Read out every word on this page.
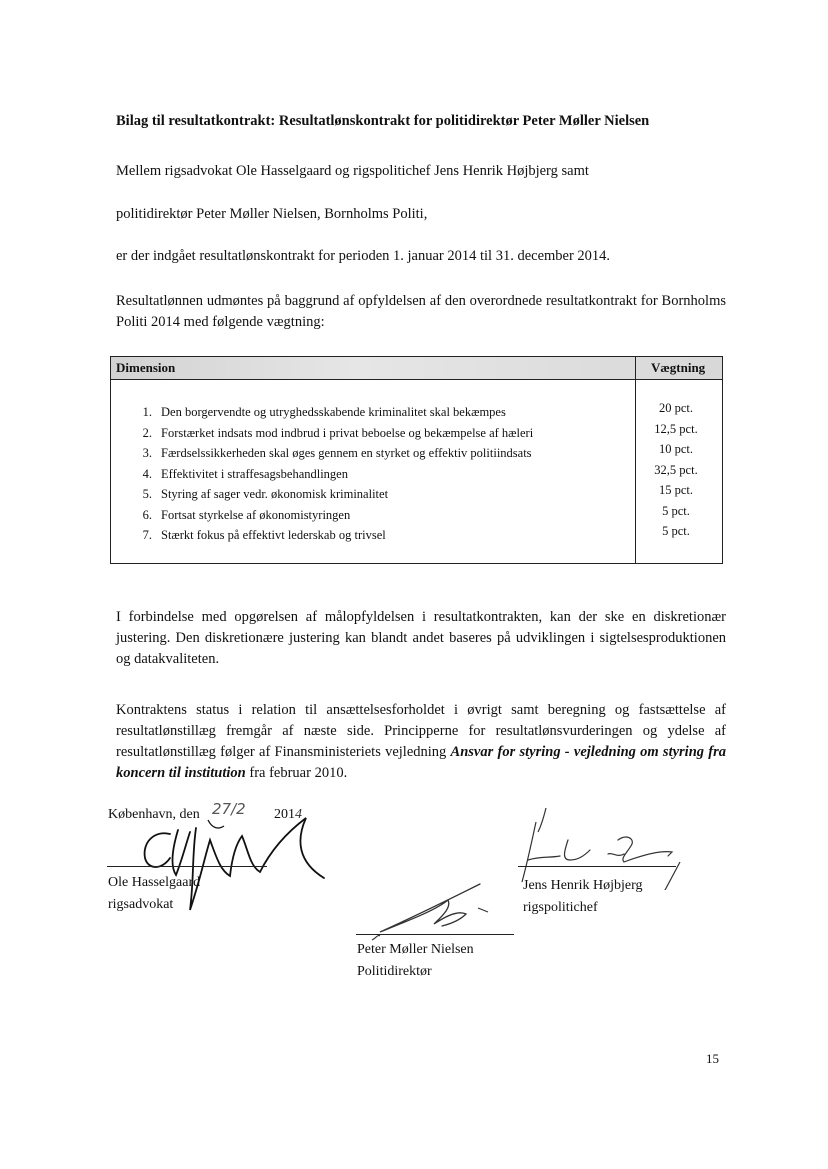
Bilag til resultatkontrakt: Resultatlønskontrakt for politidirektør Peter Møller Nielsen
Mellem rigsadvokat Ole Hasselgaard og rigspolitichef Jens Henrik Højbjerg samt
politidirektør Peter Møller Nielsen, Bornholms Politi,
er der indgået resultatlønskontrakt for perioden 1. januar 2014 til 31. december 2014.
Resultatlønnen udmøntes på baggrund af opfyldelsen af den overordnede resultatkontrakt for Bornholms Politi 2014 med følgende vægtning:
Dimension	Vægtning
1. Den borgervendte og utryghedsskabende kriminalitet skal bekæmpes	20 pct.
2. Forstærket indsats mod indbrud i privat beboelse og bekæmpelse af hæleri	12,5 pct.
3. Færdselssikkerheden skal øges gennem en styrket og effektiv politiindsats	10 pct.
4. Effektivitet i straffesagsbehandlingen	32,5 pct.
5. Styring af sager vedr. økonomisk kriminalitet	15 pct.
6. Fortsat styrkelse af økonomistyringen	5 pct.
7. Stærkt fokus på effektivt lederskab og trivsel	5 pct.
I forbindelse med opgørelsen af målopfyldelsen i resultatkontrakten, kan der ske en diskretionær justering. Den diskretionære justering kan blandt andet baseres på udviklingen i sigtelsesproduktionen og datakvaliteten.
Kontraktens status i relation til ansættelsesforholdet i øvrigt samt beregning og fastsættelse af resultatlønstillæg fremgår af næste side. Principperne for resultatlønsvurderingen og ydelse af resultatlønstillæg følger af Finansministeriets vejledning Ansvar for styring - vejledning om styring fra koncern til institution fra februar 2010.
København, den 27/2 2014
Ole Hasselgaard
rigsadvokat
Jens Henrik Højbjerg
rigspolitichef
Peter Møller Nielsen
Politidirektør
15
